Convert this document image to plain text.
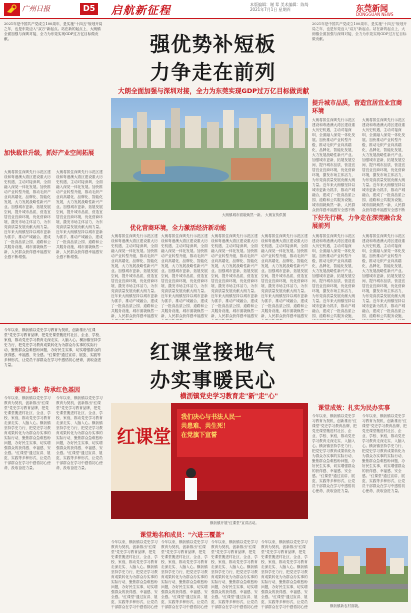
广州日报	D5 启航新征程	本版编辑：谢 辈 美术编辑：陈绮
2021年7月1日 星期四	东莞新闻
DONGGUAN NEWS
2021年是中国共产党成立100周年，是实施"十四五"规划开局之年，也是东莞迈入"双万"新起点。站在新的起点上，大朗镇全面加强与深圳对接，全力为东莞实现GDP过万亿目标做贡献。	强优势补短板
力争走在前列
大朗全面加强与深圳对接，全力为东莞实现GDP过万亿目标做贡献
大朗镇城市面貌焕然一新。 大朗宣传供图
加快载世升级，抓好产业空间拓展
大朗将抓住深圳先行示范区建设和粤港澳大湾区建设重大历史机遇，主动对接深圳，全面融入深莞一体化发展。加快推动产业转型升级，推动毛织产业向高端化、品牌化、智能化发展，大力发展战略性新兴产业。加强城市更新，拓展发展空间，提升城市品质，营造宜居宜业宜商环境，优化营商环境，激发市场主体活力，为东莞高质量发展贡献大朗力量。近年来大朗镇坚持以城市更新为抓手，推动产城融合，建成了一批高品质公园、道路和公共服务设施，城市面貌焕然一新，人民群众获得感幸福感安全感不断增强。
大朗将抓住深圳先行示范区建设和粤港澳大湾区建设重大历史机遇，主动对接深圳，全面融入深莞一体化发展。加快推动产业转型升级，推动毛织产业向高端化、品牌化、智能化发展，大力发展战略性新兴产业。加强城市更新，拓展发展空间，提升城市品质，营造宜居宜业宜商环境，优化营商环境，激发市场主体活力，为东莞高质量发展贡献大朗力量。近年来大朗镇坚持以城市更新为抓手，推动产城融合，建成了一批高品质公园、道路和公共服务设施，城市面貌焕然一新，人民群众获得感幸福感安全感不断增强。
提升城市品质，营造宜居宜业宜商环境
大朗将抓住深圳先行示范区建设和粤港澳大湾区建设重大历史机遇，主动对接深圳，全面融入深莞一体化发展。加快推动产业转型升级，推动毛织产业向高端化、品牌化、智能化发展，大力发展战略性新兴产业。加强城市更新，拓展发展空间，提升城市品质，营造宜居宜业宜商环境，优化营商环境，激发市场主体活力，为东莞高质量发展贡献大朗力量。近年来大朗镇坚持以城市更新为抓手，推动产城融合，建成了一批高品质公园、道路和公共服务设施，城市面貌焕然一新，人民群众获得感幸福感安全感不断
大朗将抓住深圳先行示范区建设和粤港澳大湾区建设重大历史机遇，主动对接深圳，全面融入深莞一体化发展。加快推动产业转型升级，推动毛织产业向高端化、品牌化、智能化发展，大力发展战略性新兴产业。加强城市更新，拓展发展空间，提升城市品质，营造宜居宜业宜商环境，优化营商环境，激发市场主体活力，为东莞高质量发展贡献大朗力量。近年来大朗镇坚持以城市更新为抓手，推动产城融合，建成了一批高品质公园、道路和公共服务设施，城市面貌焕然一新，人民群众获得感幸福感安全感不断
2021年是中国共产党成立100周年，是实施"十四五"规划开局之年，也是东莞迈入"双万"新起点。站在新的起点上，大朗镇全面加强与深圳对接，全力为东莞实现GDP过万亿目标做贡献。
下好先行棋，力争走在深莞融合发展前列
大朗将抓住深圳先行示范区建设和粤港澳大湾区建设重大历史机遇，主动对接深圳，全面融入深莞一体化发展。加快推动产业转型升级，推动毛织产业向高端化、品牌化、智能化发展，大力发展战略性新兴产业。加强城市更新，拓展发展空间，提升城市品质，营造宜居宜业宜商环境，优化营商环境，激发市场主体活力，为东莞高质量发展贡献大朗力量。近年来大朗镇坚持以城市更新为抓手，推动产城融合，建成了一批高品质公园、道路和公共服务设施，
大朗将抓住深圳先行示范区建设和粤港澳大湾区建设重大历史机遇，主动对接深圳，全面融入深莞一体化发展。加快推动产业转型升级，推动毛织产业向高端化、品牌化、智能化发展，大力发展战略性新兴产业。加强城市更新，拓展发展空间，提升城市品质，营造宜居宜业宜商环境，优化营商环境，激发市场主体活力，为东莞高质量发展贡献大朗力量。近年来大朗镇坚持以城市更新为抓手，推动产城融合，建成了一批高品质公园、道路和公共服务设施，
优化营商环境，全力激活经济新动能
大朗将抓住深圳先行示范区建设和粤港澳大湾区建设重大历史机遇，主动对接深圳，全面融入深莞一体化发展。加快推动产业转型升级，推动毛织产业向高端化、品牌化、智能化发展，大力发展战略性新兴产业。加强城市更新，拓展发展空间，提升城市品质，营造宜居宜业宜商环境，优化营商环境，激发市场主体活力，为东莞高质量发展贡献大朗力量。近年来大朗镇坚持以城市更新为抓手，推动产城融合，建成了一批高品质公园、道路和公共服务设施，城市面貌焕然一新，人民群众获得感幸福感安
大朗将抓住深圳先行示范区建设和粤港澳大湾区建设重大历史机遇，主动对接深圳，全面融入深莞一体化发展。加快推动产业转型升级，推动毛织产业向高端化、品牌化、智能化发展，大力发展战略性新兴产业。加强城市更新，拓展发展空间，提升城市品质，营造宜居宜业宜商环境，优化营商环境，激发市场主体活力，为东莞高质量发展贡献大朗力量。近年来大朗镇坚持以城市更新为抓手，推动产城融合，建成了一批高品质公园、道路和公共服务设施，城市面貌焕然一新，人民群众获得感幸福感安
大朗将抓住深圳先行示范区建设和粤港澳大湾区建设重大历史机遇，主动对接深圳，全面融入深莞一体化发展。加快推动产业转型升级，推动毛织产业向高端化、品牌化、智能化发展，大力发展战略性新兴产业。加强城市更新，拓展发展空间，提升城市品质，营造宜居宜业宜商环境，优化营商环境，激发市场主体活力，为东莞高质量发展贡献大朗力量。近年来大朗镇坚持以城市更新为抓手，推动产城融合，建成了一批高品质公园、道路和公共服务设施，城市面貌焕然一新，人民群众获得感幸福感安
大朗将抓住深圳先行示范区建设和粤港澳大湾区建设重大历史机遇，主动对接深圳，全面融入深莞一体化发展。加快推动产业转型升级，推动毛织产业向高端化、品牌化、智能化发展，大力发展战略性新兴产业。加强城市更新，拓展发展空间，提升城市品质，营造宜居宜业宜商环境，优化营商环境，激发市场主体活力，为东莞高质量发展贡献大朗力量。近年来大朗镇坚持以城市更新为抓手，推动产城融合，建成了一批高品质公园、道路和公共服务设施，城市面貌焕然一新，人民群众获得感幸福感安
今年以来，横沥镇以党史学习教育为契机，创新推出"红课堂"党史学习教育品牌，把党史课堂搬进村社区、企业、学校、家庭，推动党史学习教育走深走实、入脑入心。横沥镇坚持学史力行，把党史学习教育成果转化为为群众办实事的实际行动，聚焦群众急难愁盼问题，办好民生实事，切实增强群众的获得感、幸福感、安全感。"红课堂"通过宣讲、展览、实践等多种形式，让党员干部群众在学习中感悟初心使命，汲取奋进力量。
红课堂接地气
办实事暖民心
横沥镇党史学习教育走"新"走"心"
课堂上墙：传承红色基因
今年以来，横沥镇以党史学习教育为契机，创新推出"红课堂"党史学习教育品牌，把党史课堂搬进村社区、企业、学校、家庭，推动党史学习教育走深走实、入脑入心。横沥镇坚持学史力行，把党史学习教育成果转化为为群众办实事的实际行动，聚焦群众急难愁盼问题，办好民生实事，切实增强群众的获得感、幸福感、安全感。"红课堂"通过宣讲、展览、实践等多种形式，让党员干部群众在学习中感悟初心使命，汲取奋进力量。
今年以来，横沥镇以党史学习教育为契机，创新推出"红课堂"党史学习教育品牌，把党史课堂搬进村社区、企业、学校、家庭，推动党史学习教育走深走实、入脑入心。横沥镇坚持学史力行，把党史学习教育成果转化为为群众办实事的实际行动，聚焦群众急难愁盼问题，办好民生实事，切实增强群众的获得感、幸福感、安全感。"红课堂"通过宣讲、展览、实践等多种形式，让党员干部群众在学习中感悟初心使命，汲取奋进力量。
红课堂
我们决心与书法人民一
共患难、共生死！
在党旗下宣誓
横沥镇开展"红课堂"宣讲活动。
课堂地名和成员："六进三覆盖"
今年以来，横沥镇以党史学习教育为契机，创新推出"红课堂"党史学习教育品牌，把党史课堂搬进村社区、企业、学校、家庭，推动党史学习教育走深走实、入脑入心。横沥镇坚持学史力行，把党史学习教育成果转化为为群众办实事的实际行动，聚焦群众急难愁盼问题，办好民生实事，切实增强群众的获得感、幸福感、安全感。"红课堂"通过宣讲、展览、实践等多种形式，让党员干部群众在学习中感悟初心使
今年以来，横沥镇以党史学习教育为契机，创新推出"红课堂"党史学习教育品牌，把党史课堂搬进村社区、企业、学校、家庭，推动党史学习教育走深走实、入脑入心。横沥镇坚持学史力行，把党史学习教育成果转化为为群众办实事的实际行动，聚焦群众急难愁盼问题，办好民生实事，切实增强群众的获得感、幸福感、安全感。"红课堂"通过宣讲、展览、实践等多种形式，让党员干部群众在学习中感悟初心使
今年以来，横沥镇以党史学习教育为契机，创新推出"红课堂"党史学习教育品牌，把党史课堂搬进村社区、企业、学校、家庭，推动党史学习教育走深走实、入脑入心。横沥镇坚持学史力行，把党史学习教育成果转化为为群众办实事的实际行动，聚焦群众急难愁盼问题，办好民生实事，切实增强群众的获得感、幸福感、安全感。"红课堂"通过宣讲、展览、实践等多种形式，让党员干部群众在学习中感悟初心使
今年以来，横沥镇以党史学习教育为契机，创新推出"红课堂"党史学习教育品牌，把党史课堂搬进村社区、企业、学校、家庭，推动党史学习教育走深走实、入脑入心。横沥镇坚持学史力行，把党史学习教育成果转化为为群众办实事的实际行动，聚焦群众急难愁盼问题，办好民生实事，切实增强群众的获得感、幸福感、安全感。"红课堂"通过宣讲、展览、实践等多种形式，让党员干部群众在学习中感悟初心使
课堂成效：扎实为民办实事
今年以来，横沥镇以党史学习教育为契机，创新推出"红课堂"党史学习教育品牌，把党史课堂搬进村社区、企业、学校、家庭，推动党史学习教育走深走实、入脑入心。横沥镇坚持学史力行，把党史学习教育成果转化为为群众办实事的实际行动，聚焦群众急难愁盼问题，办好民生实事，切实增强群众的获得感、幸福感、安全感。"红课堂"通过宣讲、展览、实践等多种形式，让党员干部群众在学习中感悟初心使命，汲取奋进力量。
今年以来，横沥镇以党史学习教育为契机，创新推出"红课堂"党史学习教育品牌，把党史课堂搬进村社区、企业、学校、家庭，推动党史学习教育走深走实、入脑入心。横沥镇坚持学史力行，把党史学习教育成果转化为为群众办实事的实际行动，聚焦群众急难愁盼问题，办好民生实事，切实增强群众的获得感、幸福感、安全感。"红课堂"通过宣讲、展览、实践等多种形式，让党员干部群众在学习中感悟初心使命，汲取奋进力量。
横沥镇新农村面貌。
